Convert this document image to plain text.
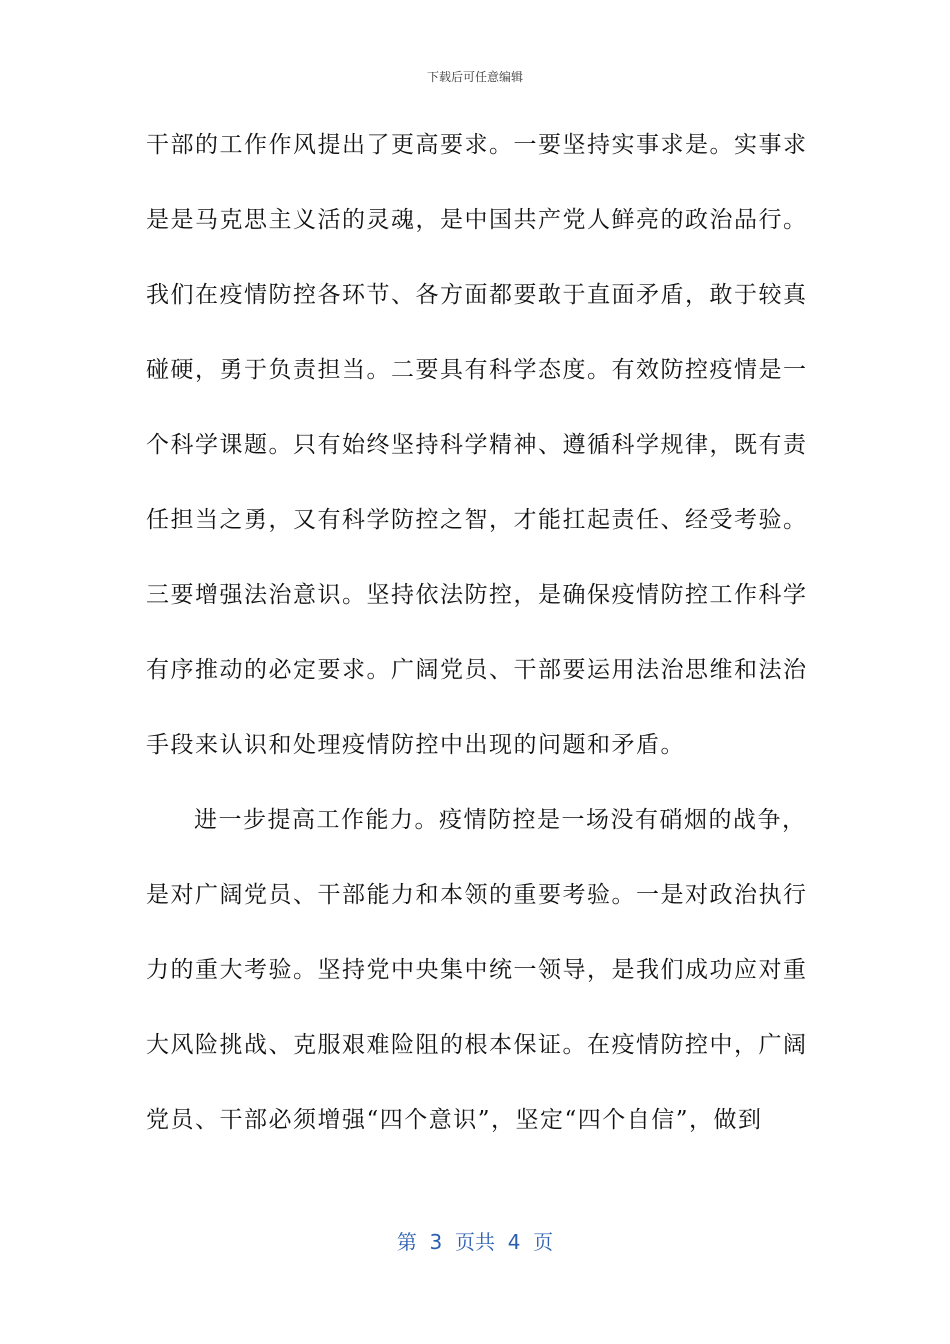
下载后可任意编辑
干部的工作作风提出了更高要求。一要坚持实事求是。实事求
是是马克思主义活的灵魂，是中国共产党人鲜亮的政治品行。
我们在疫情防控各环节、各方面都要敢于直面矛盾，敢于较真
碰硬，勇于负责担当。二要具有科学态度。有效防控疫情是一
个科学课题。只有始终坚持科学精神、遵循科学规律，既有责
任担当之勇，又有科学防控之智，才能扛起责任、经受考验。
三要增强法治意识。坚持依法防控，是确保疫情防控工作科学
有序推动的必定要求。广阔党员、干部要运用法治思维和法治
手段来认识和处理疫情防控中出现的问题和矛盾。
进一步提高工作能力。疫情防控是一场没有硝烟的战争，
是对广阔党员、干部能力和本领的重要考验。一是对政治执行
力的重大考验。坚持党中央集中统一领导，是我们成功应对重
大风险挑战、克服艰难险阻的根本保证。在疫情防控中，广阔
党员、干部必须增强“四个意识”，坚定“四个自信”，做到
第  3  页共  4  页
